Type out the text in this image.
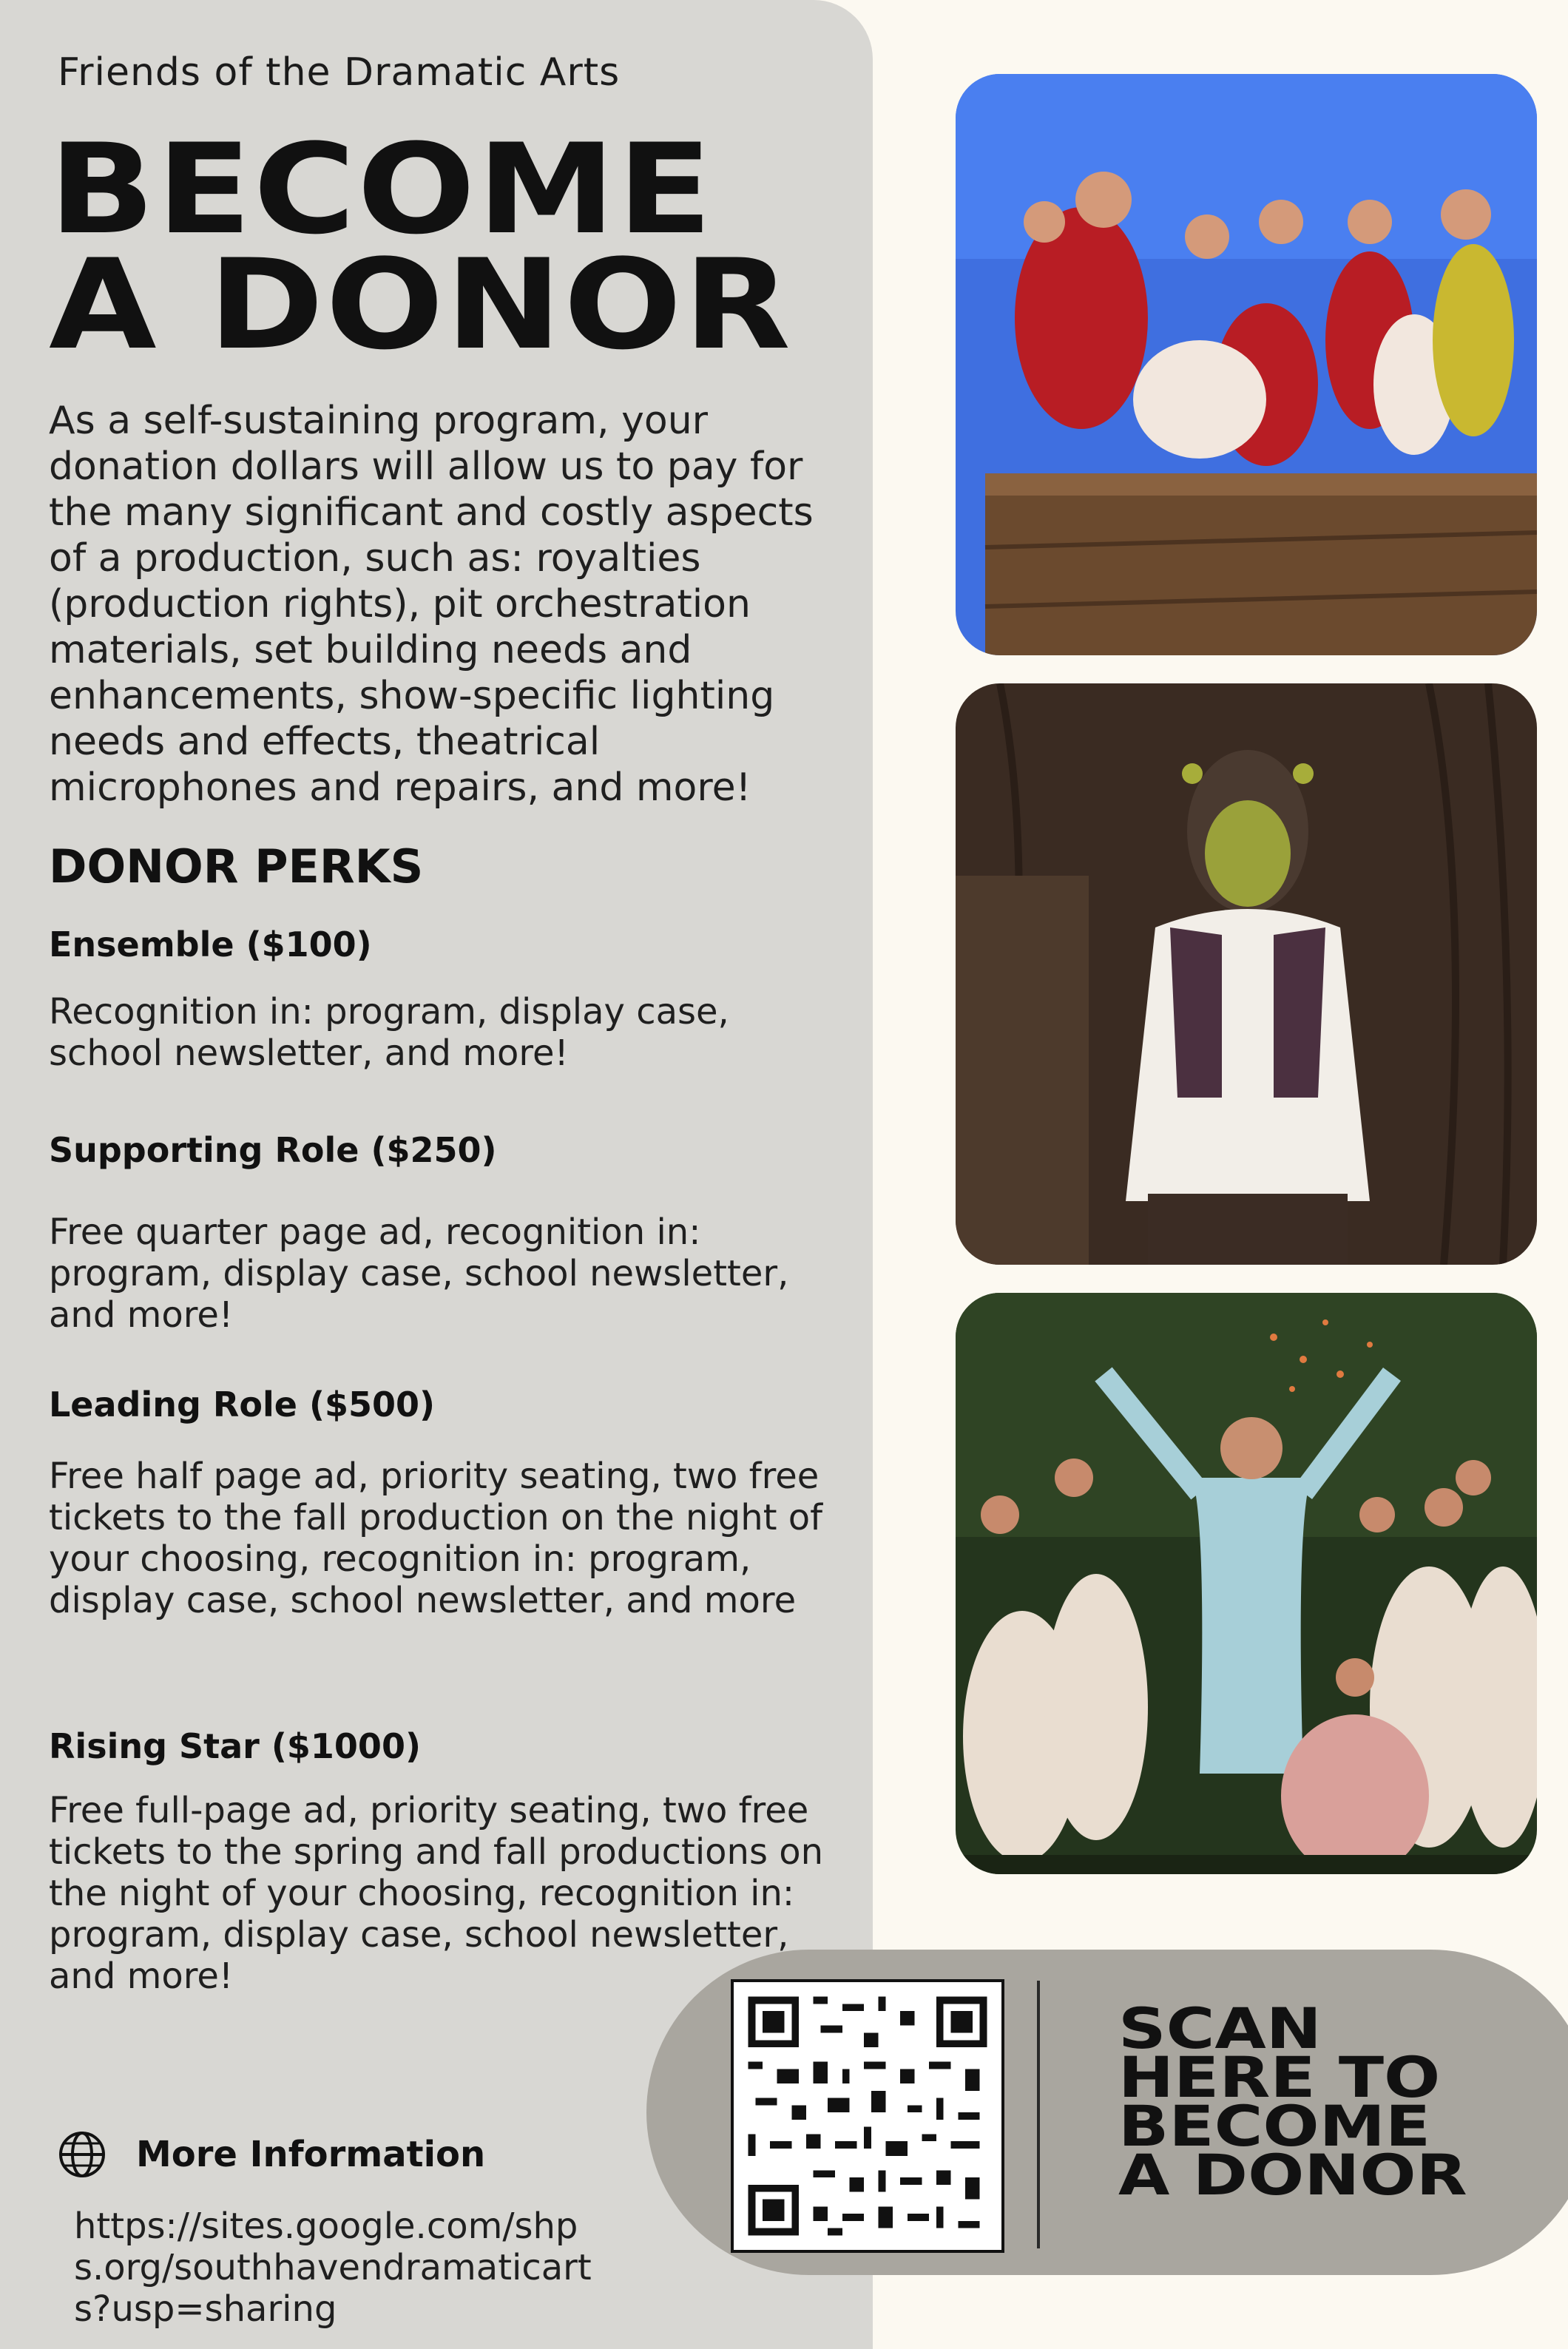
Friends of the Dramatic Arts
BECOME
A DONOR
As a self-sustaining program, your donation dollars will allow us to pay for the many significant and costly aspects of a production, such as: royalties (production rights), pit orchestration materials, set building needs and enhancements, show-specific lighting needs and effects, theatrical microphones and repairs, and more!
DONOR PERKS
Ensemble ($100)
Recognition in: program, display case, school newsletter, and more!
Supporting Role ($250)
Free quarter page ad, recognition in: program, display case, school newsletter, and more!
Leading Role ($500)
Free half page ad, priority seating, two free tickets to the fall production on the night of your choosing, recognition in: program, display case, school newsletter, and more
Rising Star ($1000)
Free full-page ad, priority seating, two free tickets to the spring and fall productions on the night of your choosing, recognition in: program, display case, school newsletter, and more!
More Information
https://sites.google.com/shps.org/southhavendramaticarts?usp=sharing
SCAN
HERE TO
BECOME
A DONOR
